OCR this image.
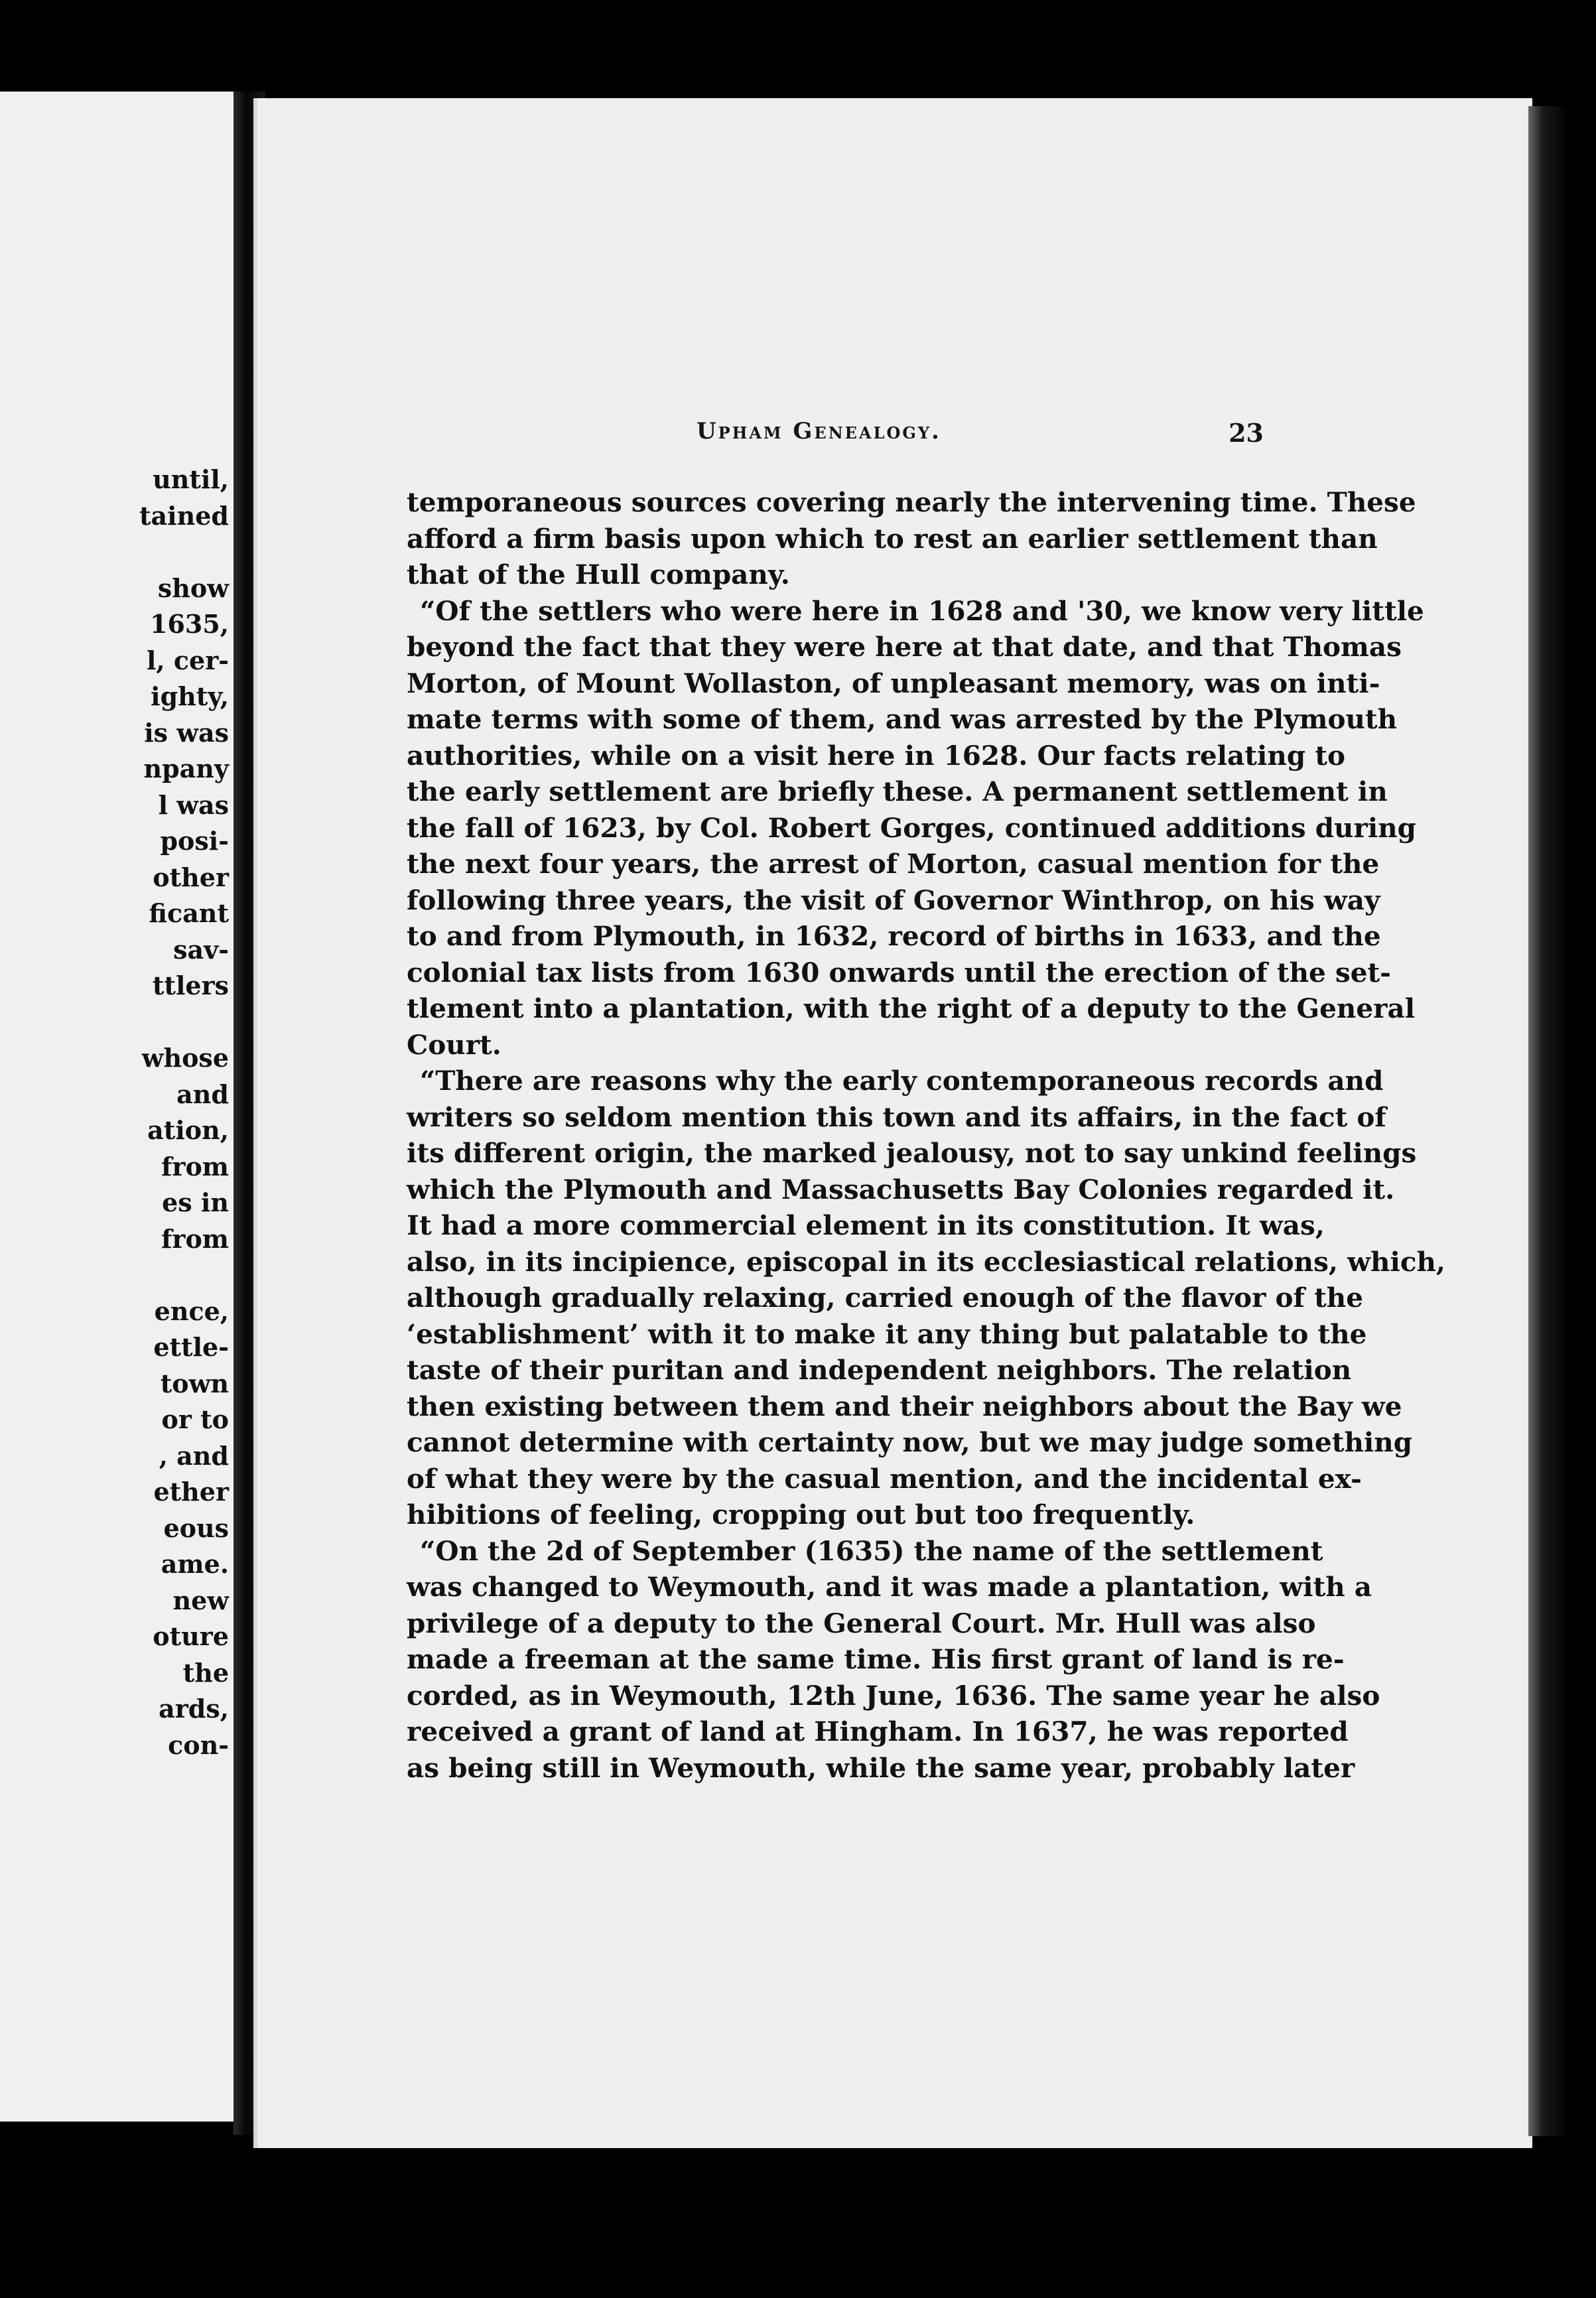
until,
tained

show
1635,
l, cer-
ighty,
is was
npany
l was
posi-
other
ficant
sav-
ttlers

whose
and
ation,
from
es in
from

ence,
ettle-
town
or to
, and
ether
eous
ame.
new
oture
the
ards,
con-
Upham Genealogy.	23
temporaneous sources covering nearly the intervening time. These
afford a firm basis upon which to rest an earlier settlement than
that of the Hull company.
“Of the settlers who were here in 1628 and '30, we know very little
beyond the fact that they were here at that date, and that Thomas
Morton, of Mount Wollaston, of unpleasant memory, was on inti-
mate terms with some of them, and was arrested by the Plymouth
authorities, while on a visit here in 1628. Our facts relating to
the early settlement are briefly these. A permanent settlement in
the fall of 1623, by Col. Robert Gorges, continued additions during
the next four years, the arrest of Morton, casual mention for the
following three years, the visit of Governor Winthrop, on his way
to and from Plymouth, in 1632, record of births in 1633, and the
colonial tax lists from 1630 onwards until the erection of the set-
tlement into a plantation, with the right of a deputy to the General
Court.
“There are reasons why the early contemporaneous records and
writers so seldom mention this town and its affairs, in the fact of
its different origin, the marked jealousy, not to say unkind feelings
which the Plymouth and Massachusetts Bay Colonies regarded it.
It had a more commercial element in its constitution. It was,
also, in its incipience, episcopal in its ecclesiastical relations, which,
although gradually relaxing, carried enough of the flavor of the
‘establishment’ with it to make it any thing but palatable to the
taste of their puritan and independent neighbors. The relation
then existing between them and their neighbors about the Bay we
cannot determine with certainty now, but we may judge something
of what they were by the casual mention, and the incidental ex-
hibitions of feeling, cropping out but too frequently.
“On the 2d of September (1635) the name of the settlement
was changed to Weymouth, and it was made a plantation, with a
privilege of a deputy to the General Court. Mr. Hull was also
made a freeman at the same time. His first grant of land is re-
corded, as in Weymouth, 12th June, 1636. The same year he also
received a grant of land at Hingham. In 1637, he was reported
as being still in Weymouth, while the same year, probably later
